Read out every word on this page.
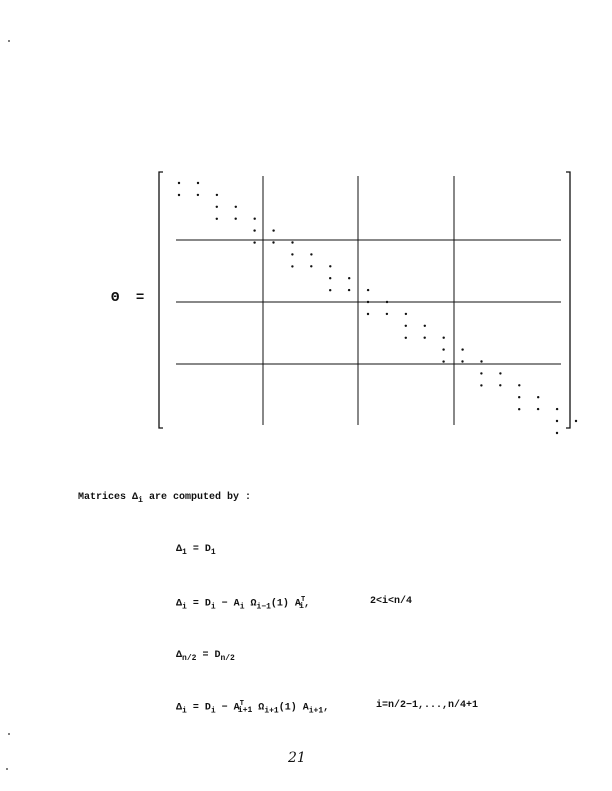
Θ =
Matrices $\Delta_i$ are computed by :
$\Delta_1 = D_1$
$\Delta_i = D_i - A_i$ $\Omega_{i-1}(1)$ $A^T_i$,	2<i<n/4
$\Delta_{n/2} = D_{n/2}$
$\Delta_i = D_i - A^T_{i+1}$ $\Omega_{i+1}(1)$ $A_{i+1}$,	i=n/2−1,...,n/4+1
21
